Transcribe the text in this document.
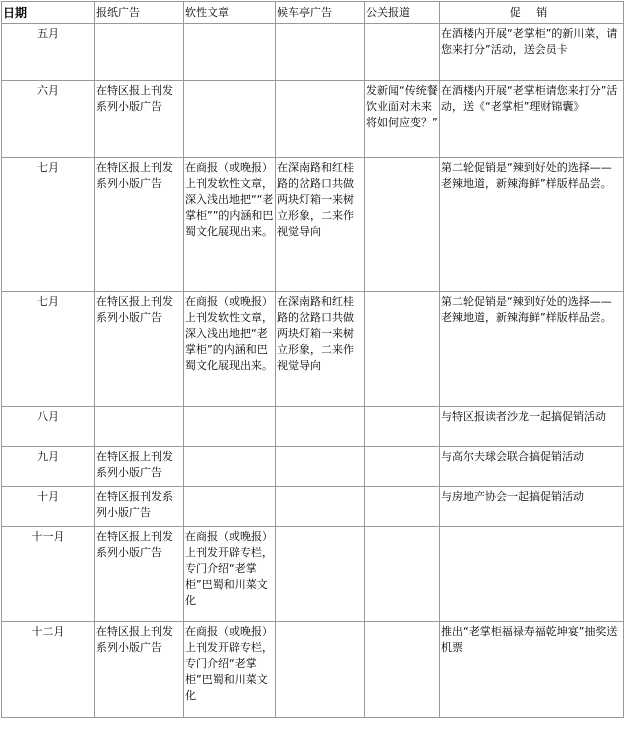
日期	报纸广告	软性文章	候车亭广告	公关报道	促 销
五月					在酒楼内开展“老掌柜”的新川菜，请您来打分”活动，送会员卡
六月	在特区报上刊发系列小版广告			发新闻“传统餐饮业面对未来将如何应变？”	在酒楼内开展“老掌柜请您来打分”活动，送《“老掌柜”理财锦囊》
七月	在特区报上刊发系列小版广告	在商报（或晚报）上刊发软性文章，深入浅出地把““老掌柜””的内涵和巴蜀文化展现出来。	在深南路和红桂路的岔路口共做两块灯箱一来树立形象，二来作视觉导向		第二轮促销是“辣到好处的选择——老辣地道，新辣海鲜”样版样品尝。
七月	在特区报上刊发系列小版广告	在商报（或晚报）上刊发软性文章，深入浅出地把“老掌柜”的内涵和巴蜀文化展现出来。	在深南路和红桂路的岔路口共做两块灯箱一来树立形象，二来作视觉导向		第二轮促销是“辣到好处的选择——老辣地道，新辣海鲜”样版样品尝。
八月					与特区报读者沙龙一起搞促销活动
九月	在特区报上刊发系列小版广告				与高尔夫球会联合搞促销活动
十月	在特区报刊发系列小版广告				与房地产协会一起搞促销活动
十一月	在特区报上刊发系列小版广告	在商报（或晚报）上刊发开辟专栏，专门介绍“老掌柜”巴蜀和川菜文化			
十二月	在特区报上刊发系列小版广告	在商报（或晚报）上刊发开辟专栏，专门介绍“老掌柜”巴蜀和川菜文化			推出“老掌柜福禄寿福乾坤宴”抽奖送机票
